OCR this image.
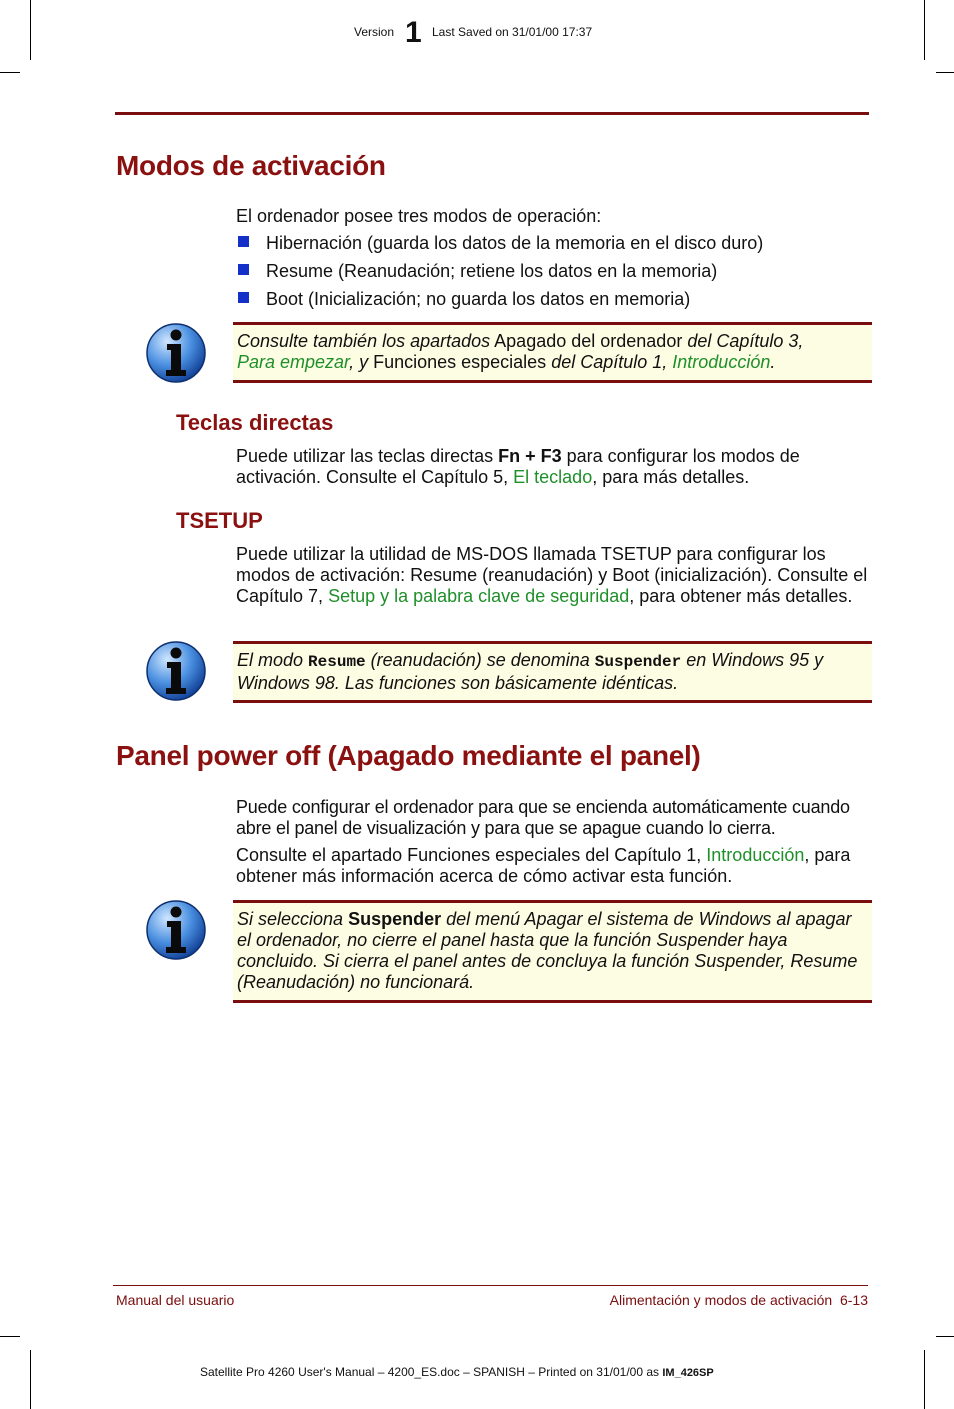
Version 1 Last Saved on 31/01/00 17:37
Modos de activación

El ordenador posee tres modos de operación:

Hibernación (guarda los datos de la memoria en el disco duro)

Resume (Reanudación; retiene los datos en la memoria)

Boot (Inicialización; no guarda los datos en memoria)

Consulte también los apartados Apagado del ordenador del Capítulo 3,
Para empezar, y Funciones especiales del Capítulo 1, Introducción.
Teclas directas

Puede utilizar las teclas directas Fn + F3 para configurar los modos de activación. Consulte el Capítulo 5, El teclado, para más detalles.

TSETUP

Puede utilizar la utilidad de MS-DOS llamada TSETUP para configurar los modos de activación: Resume (reanudación) y Boot (inicialización). Consulte el Capítulo 7, Setup y la palabra clave de seguridad, para obtener más detalles.

El modo Resume (reanudación) se denomina Suspender en Windows 95 y Windows 98. Las funciones son básicamente idénticas.
Panel power off (Apagado mediante el panel)

Puede configurar el ordenador para que se encienda automáticamente cuando abre el panel de visualización y para que se apague cuando lo cierra.

Consulte el apartado Funciones especiales del Capítulo 1, Introducción, para obtener más información acerca de cómo activar esta función.

Si selecciona Suspender del menú Apagar el sistema de Windows al apagar el ordenador, no cierre el panel hasta que la función Suspender haya concluido. Si cierra el panel antes de concluya la función Suspender, Resume (Reanudación) no funcionará.
Manual del usuario	Alimentación y modos de activación  6-13
Satellite Pro 4260 User's Manual – 4200_ES.doc – SPANISH – Printed on 31/01/00 as IM_426SP
